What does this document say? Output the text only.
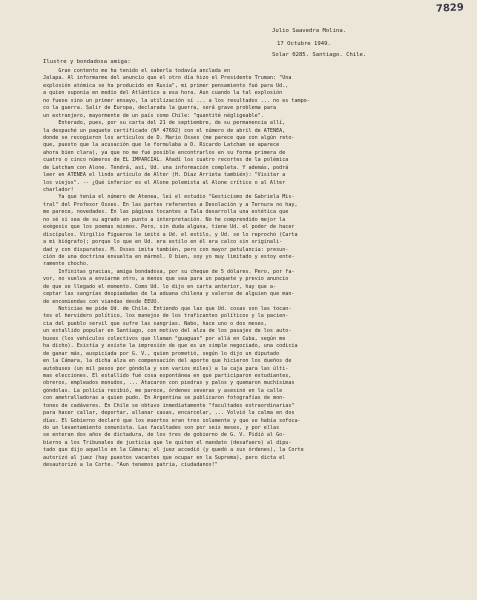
7829

Julio Saavedra Molina.

Solar 0285. Santiago. Chile.

17 Octubre 1949.
Ilustre y bondadosa amiga:
Gran contento me ha tenido el saberla todavía anclada en
Jalapa. Al informarme del anuncio que el otro día hizo el Presidente Truman: "Una
explosión atómica se ha producido en Rusia", mi primer pensamiento fué para Ud.,
a quien suponía en medio del Atlántico a esa hora. Aun cuando la tal explosión
no fuese sino un primer ensayo, la utilización sí ... a los resultados ... no es tampo-
co la guerra. Salir de Europa, declarada la guerra, será grave problema para
un extranjero, mayormente de un país como Chile: "quantité négligeable".
Enterado, pues, por su carta del 21 de septiembre, de su permanencia allí,
la despaché un paquete certificado (Nº 47692) con el número de abril de ATENEA,
donde se recogieron los artículos de D. Mario Osses (me parece que con algún reto-
que, puesto que la acusación que le formulaba a D. Ricardo Latcham se aparece
ahora bien clara), ya que no me fué posible encontrarlos en su forma primera de
cuatro o cinco números de EL IMPARCIAL. Añadí los cuatro recortes de la polémica
de Latcham con Alone. Tendrá, así, Ud. una información completa. Y además, podrá
leer en ATENEA el lindo artículo de Alter (H. Díaz Arrieta también): "Visitar a
los viejos". -- ¿Qué inferior es el Alone polemista al Alone crítico o al Alter
charlador!
Ya que tenía el número de Atenea, leí el estudio "Gesticismo de Gabriela Mis-
tral" del Profesor Osses. En las partes referentes a Desolación y a Ternura no hay,
me parece, novedades. En las páginas tocantes a Tala desarrolla una estética que
no sé si sea de su agrado en punto a interpretación. No he comprendido mejor la
exégesis que los poemas mismos. Pero, sin duda alguna, tiene Ud. el poder de hacer
discípulos. Virgilio Figueroa le imitó a Ud. el estilo, y Ud. se lo reprochó (Carta
a mi biógrafo); porque lo que en Ud. era estilo en él era calco sin originali-
dad y con disparates. M. Osses imita también, pero con mayor petulancia: presun-
ción de una doctrina envuelta en mármol. O bien, soy yo muy limitado y estoy ente-
ramente chocho.
Infinitas gracias, amiga bondadosa, por su cheque de 5 dólares. Pero, por fa-
vor, no vuelva a enviarme otro, a menos que sea para un paquete y previo anuncio
de que se llegado el momento. Como Ud. lo dijo en carta anterior, hay que a-
ceptar las sangrías despiadadas de la aduana chilena y valerse de alguien que man-
de encomiendas con viandas desde EEUU.
Noticias me pide Ud. de Chile. Entiendo que las que Ud. cosas son las tocan-
tes el hervidero político, los manejos de los traficantes políticos y la pacien-
cia del pueblo servil que sufre las sangrías. Nabo, hace uno o dos meses,
un estallido popular en Santiago, con motivo del alza de los pasajes de los auto-
buses (los vehículos colectivos que llaman "guaguas" por allá en Cuba, según me
ha dicho). Existía y existe la impresión de que es un simple negociado, una codicia
de ganar más, auspiciada por G. V., quien prometió, según lo dijo un diputado
en la Cámara, la dicha alza en compensación del aporte que hicieron los dueños de
autobuses (un mil pesos por góndola y son varios miles) a la caja para las últi-
mas elecciones. El estallido fué cosa espontánea en que participaron estudiantes,
obreros, empleados menudos, ... Atacaron con piedras y palos y quemaron muchísimas
góndolas. La policía recibió, me parece, órdenes severas y asesinó en la calle
con ametralladoras a quien pudo. En Argentina se publicaron fotografías de mon-
tones de cadáveres. En Chile se obtuvo inmediatamente "facultades extraordinarias"
para hacer callar, deportar, allanar casas, encarcelar, ... Volvió la calma en dos
días. El Gobierno declaró que los muertos eran tres solamente y que se había sofoca-
do un levantamiento comunista. Las facultades son por seis meses, y por ellas
se enteran dos años de dictadura, de los tres de gobierno de G. V. Pidió al Go-
bierno a los Tribunales de justicia que le quiten el mandato (desafuero) al dipu-
tado que dijo aquello en la Cámara; el juez accedió (y quedó a sus órdenes), la Corte
autorizó al juez (hay puestos vacantes que ocupar en la Suprema), pero dicta el
desautorizó a la Corte. "Aun tenemos patria, ciudadanos!"
